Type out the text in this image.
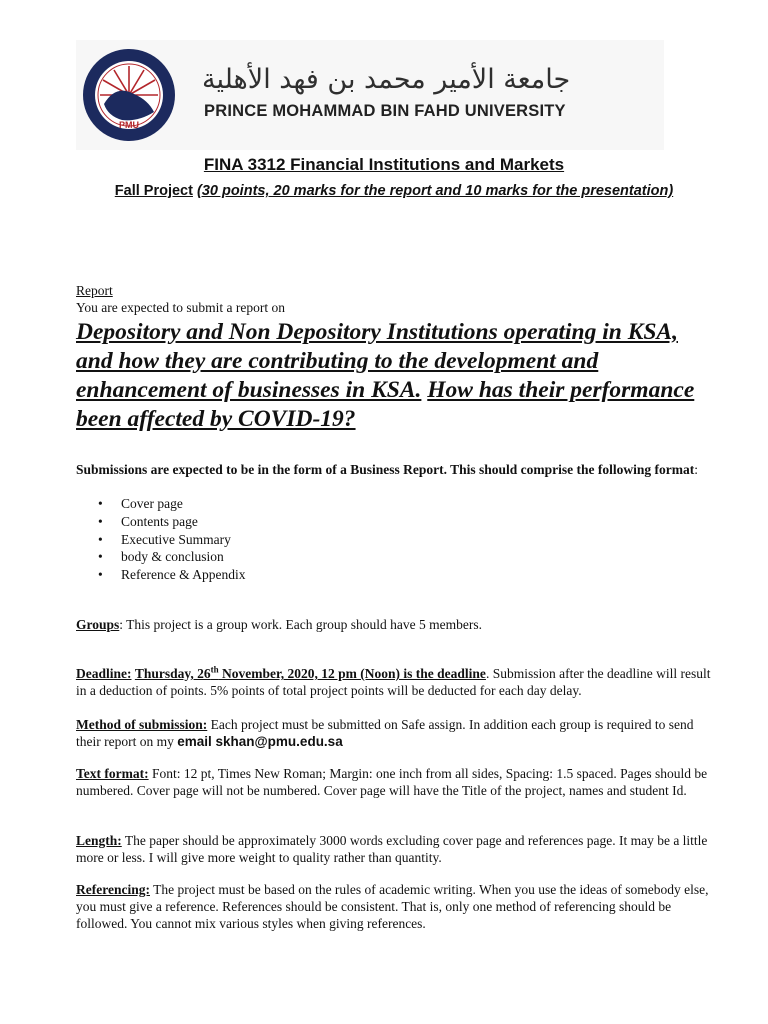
PMU
جامعة الأمير محمد بن فهد الأهلية
PRINCE MOHAMMAD BIN FAHD UNIVERSITY
FINA 3312 Financial Institutions and Markets
Fall Project (30 points, 20 marks for the report and 10 marks for the presentation)
Report
You are expected to submit a report on
Depository and Non Depository Institutions operating in KSA, and how they are contributing to the development and enhancement of businesses in KSA. How has their performance been affected by COVID-19?
Submissions are expected to be in the form of a Business Report. This should comprise the following format:
• Cover page
• Contents page
• Executive Summary
• body & conclusion
• Reference & Appendix
Groups: This project is a group work. Each group should have 5 members.
Deadline: Thursday, 26th November, 2020, 12 pm (Noon) is the deadline. Submission after the deadline will result in a deduction of points. 5% points of total project points will be deducted for each day delay.
Method of submission: Each project must be submitted on Safe assign. In addition each group is required to send their report on my email skhan@pmu.edu.sa
Text format: Font: 12 pt, Times New Roman; Margin: one inch from all sides, Spacing: 1.5 spaced. Pages should be numbered. Cover page will not be numbered. Cover page will have the Title of the project, names and student Id.
Length: The paper should be approximately 3000 words excluding cover page and references page. It may be a little more or less. I will give more weight to quality rather than quantity.
Referencing: The project must be based on the rules of academic writing. When you use the ideas of somebody else, you must give a reference. References should be consistent. That is, only one method of referencing should be followed. You cannot mix various styles when giving references.
